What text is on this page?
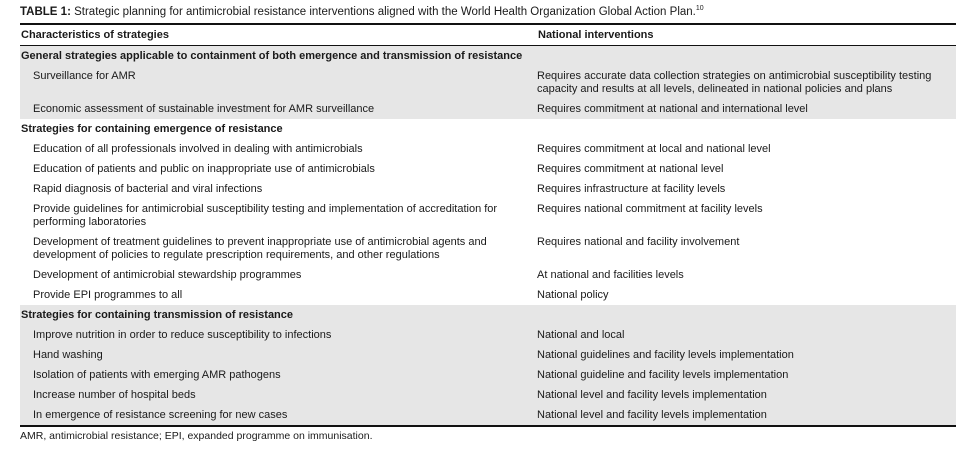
TABLE 1: Strategic planning for antimicrobial resistance interventions aligned with the World Health Organization Global Action Plan.$^{10}$
Characteristics of strategies	National interventions
General strategies applicable to containment of both emergence and transmission of resistance	
Surveillance for AMR	Requires accurate data collection strategies on antimicrobial susceptibility testing capacity and results at all levels, delineated in national policies and plans
Economic assessment of sustainable investment for AMR surveillance	Requires commitment at national and international level
Strategies for containing emergence of resistance	
Education of all professionals involved in dealing with antimicrobials	Requires commitment at local and national level
Education of patients and public on inappropriate use of antimicrobials	Requires commitment at national level
Rapid diagnosis of bacterial and viral infections	Requires infrastructure at facility levels
Provide guidelines for antimicrobial susceptibility testing and implementation of accreditation for performing laboratories	Requires national commitment at facility levels
Development of treatment guidelines to prevent inappropriate use of antimicrobial agents and development of policies to regulate prescription requirements, and other regulations	Requires national and facility involvement
Development of antimicrobial stewardship programmes	At national and facilities levels
Provide EPI programmes to all	National policy
Strategies for containing transmission of resistance	
Improve nutrition in order to reduce susceptibility to infections	National and local
Hand washing	National guidelines and facility levels implementation
Isolation of patients with emerging AMR pathogens	National guideline and facility levels implementation
Increase number of hospital beds	National level and facility levels implementation
In emergence of resistance screening for new cases	National level and facility levels implementation
AMR, antimicrobial resistance; EPI, expanded programme on immunisation.
